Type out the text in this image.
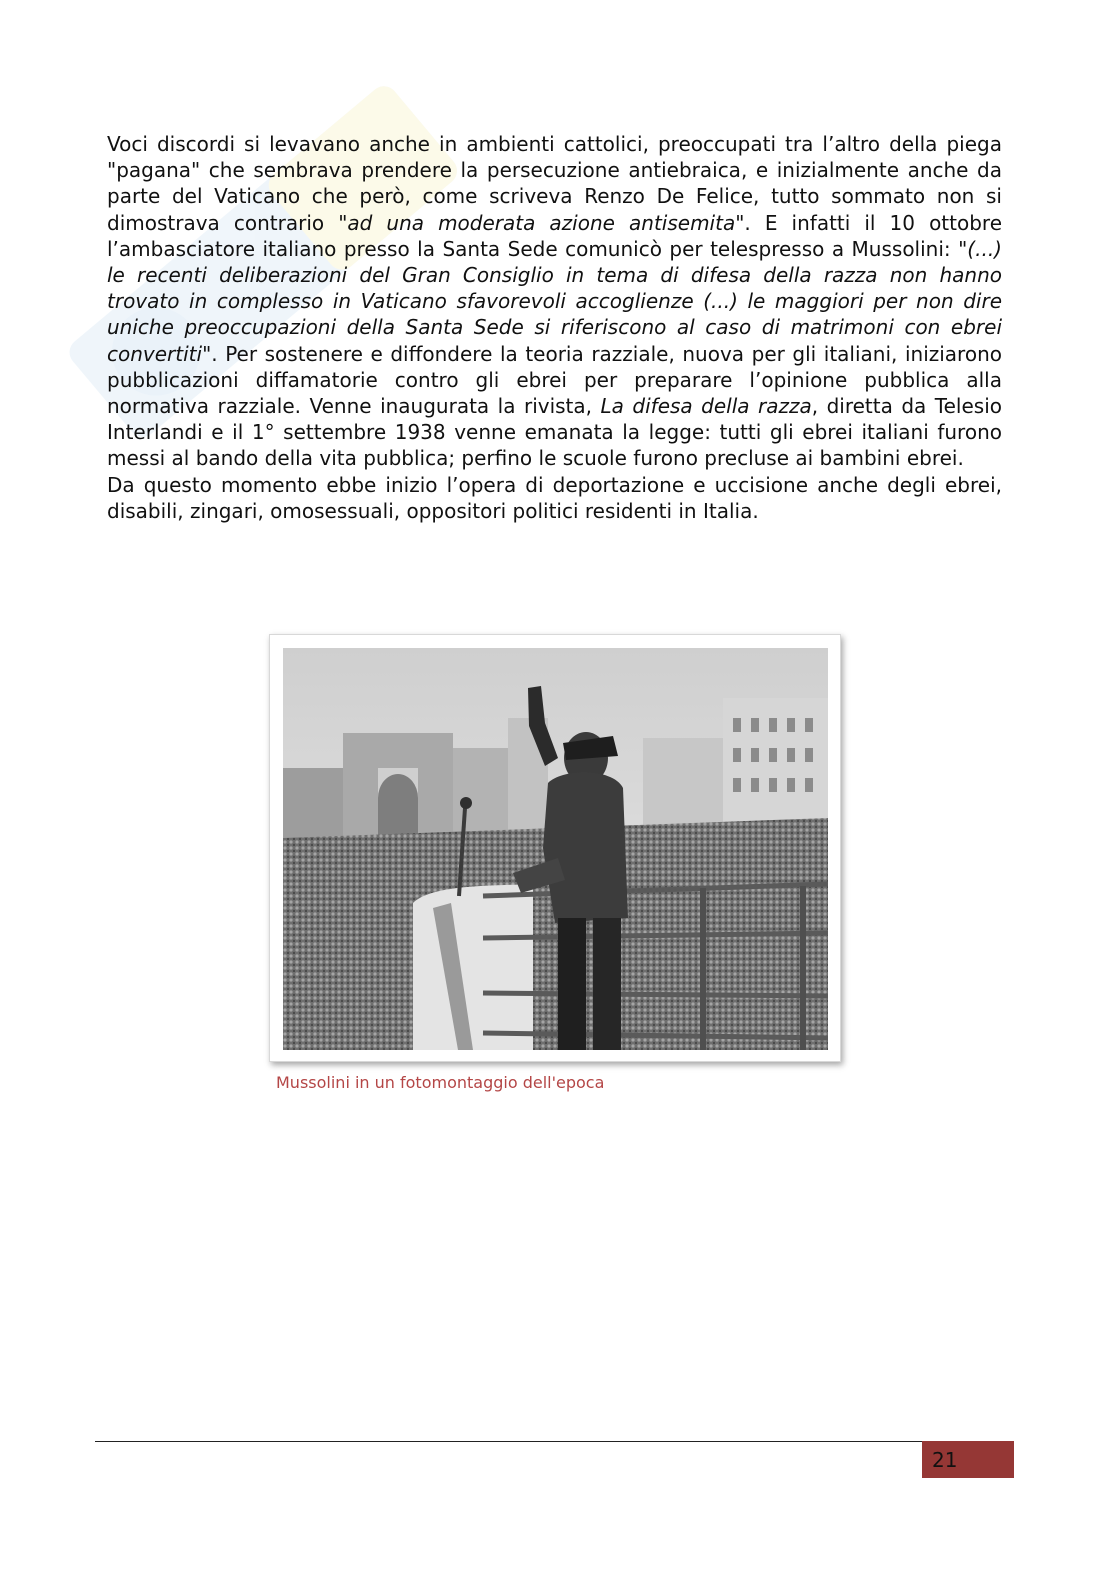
Voci discordi si levavano anche in ambienti cattolici, preoccupati tra l’altro della piega "pagana" che sembrava prendere la persecuzione antiebraica, e inizialmente anche da parte del Vaticano che però, come scriveva Renzo De Felice, tutto sommato non si dimostrava contrario "ad una moderata azione antisemita". E infatti il 10 ottobre l’ambasciatore italiano presso la Santa Sede comunicò per telespresso a Mussolini: "(...) le recenti deliberazioni del Gran Consiglio in tema di difesa della razza non hanno trovato in complesso in Vaticano sfavorevoli accoglienze (...) le maggiori per non dire uniche preoccupazioni della Santa Sede si riferiscono al caso di matrimoni con ebrei convertiti". Per sostenere e diffondere la teoria razziale, nuova per gli italiani, iniziarono pubblicazioni diffamatorie contro gli ebrei per preparare l’opinione pubblica alla normativa razziale. Venne inaugurata la rivista, La difesa della razza, diretta da Telesio Interlandi e il 1° settembre 1938 venne emanata la legge: tutti gli ebrei italiani furono messi al bando della vita pubblica; perfino le scuole furono precluse ai bambini ebrei.

Da questo momento ebbe inizio l’opera di deportazione e uccisione anche degli ebrei, disabili, zingari, omosessuali, oppositori politici residenti in Italia.

Mussolini in un fotomontaggio dell'epoca

21
